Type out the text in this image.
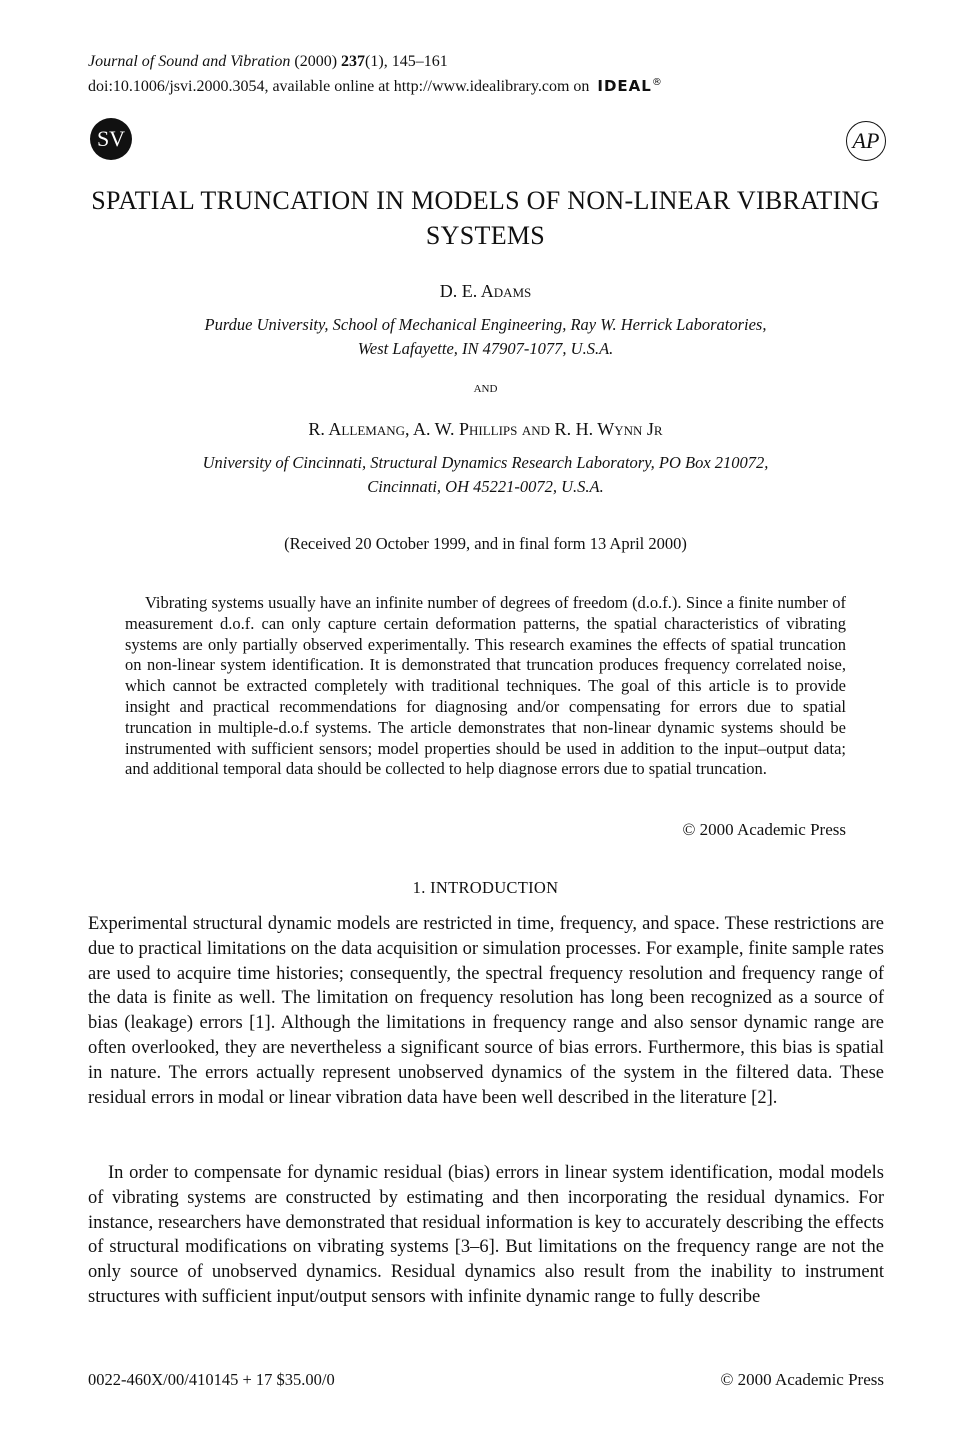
Journal of Sound and Vibration (2000) 237(1), 145–161
doi:10.1006/jsvi.2000.3054, available online at http://www.idealibrary.com on IDEAL®
SV	AP
SPATIAL TRUNCATION IN MODELS OF NON-LINEAR VIBRATING SYSTEMS
D. E. Adams
Purdue University, School of Mechanical Engineering, Ray W. Herrick Laboratories,
West Lafayette, IN 47907-1077, U.S.A.
and
R. Allemang, A. W. Phillips and R. H. Wynn Jr
University of Cincinnati, Structural Dynamics Research Laboratory, PO Box 210072,
Cincinnati, OH 45221-0072, U.S.A.
(Received 20 October 1999, and in final form 13 April 2000)
Vibrating systems usually have an infinite number of degrees of freedom (d.o.f.). Since a finite number of measurement d.o.f. can only capture certain deformation patterns, the spatial characteristics of vibrating systems are only partially observed experimentally. This research examines the effects of spatial truncation on non-linear system identification. It is demonstrated that truncation produces frequency correlated noise, which cannot be extracted completely with traditional techniques. The goal of this article is to provide insight and practical recommendations for diagnosing and/or compensating for errors due to spatial truncation in multiple-d.o.f systems. The article demonstrates that non-linear dynamic systems should be instrumented with sufficient sensors; model properties should be used in addition to the input–output data; and additional temporal data should be collected to help diagnose errors due to spatial truncation.
© 2000 Academic Press
1. INTRODUCTION
Experimental structural dynamic models are restricted in time, frequency, and space. These restrictions are due to practical limitations on the data acquisition or simulation processes. For example, finite sample rates are used to acquire time histories; consequently, the spectral frequency resolution and frequency range of the data is finite as well. The limitation on frequency resolution has long been recognized as a source of bias (leakage) errors [1]. Although the limitations in frequency range and also sensor dynamic range are often overlooked, they are nevertheless a significant source of bias errors. Furthermore, this bias is spatial in nature. The errors actually represent unobserved dynamics of the system in the filtered data. These residual errors in modal or linear vibration data have been well described in the literature [2].
In order to compensate for dynamic residual (bias) errors in linear system identification, modal models of vibrating systems are constructed by estimating and then incorporating the residual dynamics. For instance, researchers have demonstrated that residual information is key to accurately describing the effects of structural modifications on vibrating systems [3–6]. But limitations on the frequency range are not the only source of unobserved dynamics. Residual dynamics also result from the inability to instrument structures with sufficient input/output sensors with infinite dynamic range to fully describe
0022-460X/00/410145 + 17 $35.00/0	© 2000 Academic Press
